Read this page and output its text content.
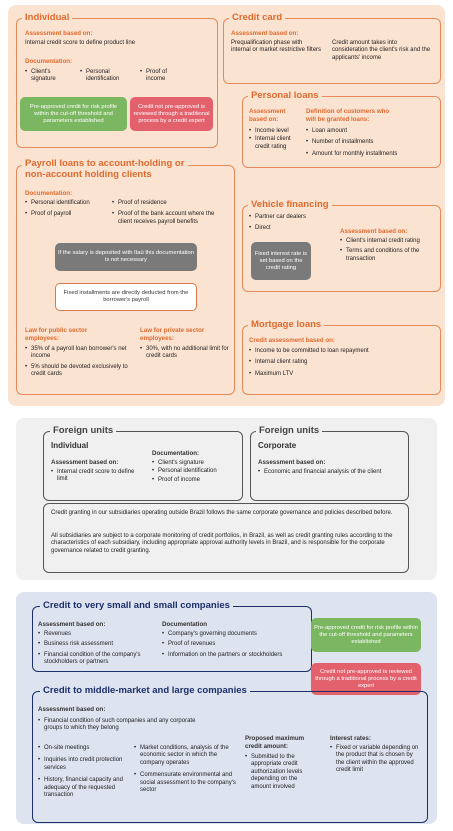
Individual
Assessment based on:
Internal credit score to define product line
Documentation:
• Client's signature
• Personal identification
• Proof of income
Pre-approved credit for risk profile within the cut-off threshold and parameters established
Credit not pre-approved is reviewed through a traditional process by a credit expert
Credit card
Assessment based on:
Prequalification phase with internal or market restrictive filters
Credit amount takes into consideration the client's risk and the applicants' income
Personal loans
Assessment based on:
• Income level
• Internal client credit rating
Definition of customers who will be granted loans:
• Loan amount
• Number of installments
• Amount for monthly installments
Payroll loans to account-holding or non-account holding clients
Documentation:
• Personal identification
• Proof of payroll
• Proof of residence
• Proof of the bank account where the client receives payroll benefits
If the salary is deposited with Itaú this documentation is not necessary
Fixed installments are directly deducted from the borrower's payroll
Law for public sector employees:
• 35% of a payroll loan borrower's net income
• 5% should be devoted exclusively to credit cards
Law for private sector employees:
• 30%, with no additional limit for credit cards
Vehicle financing
• Partner car dealers
• Direct
Fixed interest rate is set based on the credit rating
Assessment based on:
• Client's internal credit rating
• Terms and conditions of the transaction
Mortgage loans
Credit assessment based on:
• Income to be committed to loan repayment
• Internal client rating
• Maximum LTV
Foreign units
Individual
Assessment based on:
• Internal credit score to define limit
Documentation:
• Client's signature
• Personal identification
• Proof of income
Foreign units
Corporate
Assessment based on:
• Economic and financial analysis of the client
Credit granting in our subsidiaries operating outside Brazil follows the same corporate governance and policies described before.
All subsidiaries are subject to a corporate monitoring of credit portfolios, in Brazil, as well as credit granting rules according to the characteristics of each subsidiary, including appropriate approval authority levels in Brazil, and is responsible for the corporate governance related to credit granting.
Credit to very small and small companies
Assessment based on:
• Revenues
• Business risk assessment
• Financial condition of the company's stockholders or partners
Documentation
• Company's governing documents
• Proof of revenues
• Information on the partners or stockholders
Pre-approved credit for risk profile within the cut-off threshold and parameters established
Credit not pre-approved is reviewed through a traditional process by a credit expert
Credit to middle-market and large companies
Assessment based on:
• Financial condition of such companies and any corporate groups to which they belong
• On-site meetings
• Inquiries into credit protection services
• History, financial capacity and adequacy of the requested transaction
• Market conditions, analysis of the economic sector in which the company operates
• Commensurate environmental and social assessment to the company's sector
Proposed maximum credit amount:
• Submitted to the appropriate credit authorization levels depending on the amount involved
Interest rates:
• Fixed or variable depending on the product that is chosen by the client within the approved credit limit
